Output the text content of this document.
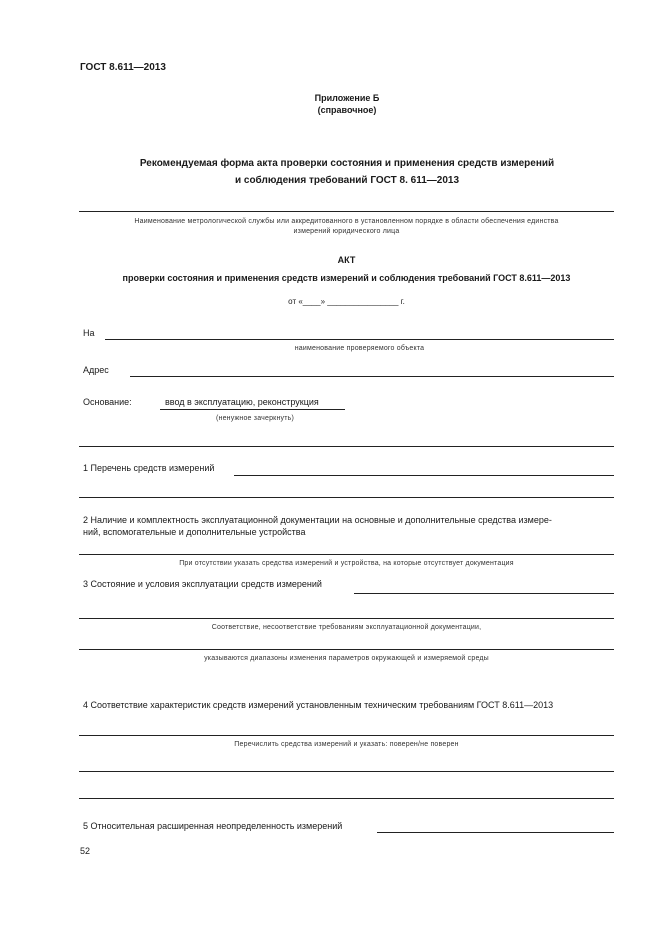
ГОСТ 8.611—2013
Приложение Б
(справочное)
Рекомендуемая форма акта проверки состояния и применения средств измерений
и соблюдения требований ГОСТ 8. 611—2013
Наименование метрологической службы или аккредитованного в установленном порядке в области обеспечения единства
измерений юридического лица
АКТ
проверки состояния и применения средств измерений и соблюдения требований ГОСТ 8.611—2013
от «____» ________________ г.
На
наименование проверяемого объекта
Адрес
Основание:	ввод в эксплуатацию, реконструкция
(ненужное зачеркнуть)
1 Перечень средств измерений
2 Наличие и комплектность эксплуатационной документации на основные и дополнительные средства измере-
ний, вспомогательные и дополнительные устройства
При отсутствии указать средства измерений и устройства, на которые отсутствует документация
3 Состояние и условия эксплуатации средств измерений
Соответствие, несоответствие требованиям эксплуатационной документации,
указываются диапазоны изменения параметров окружающей и измеряемой среды
4 Соответствие характеристик средств измерений установленным техническим требованиям ГОСТ 8.611—2013
Перечислить средства измерений и указать: поверен/не поверен
5 Относительная расширенная неопределенность измерений
52
